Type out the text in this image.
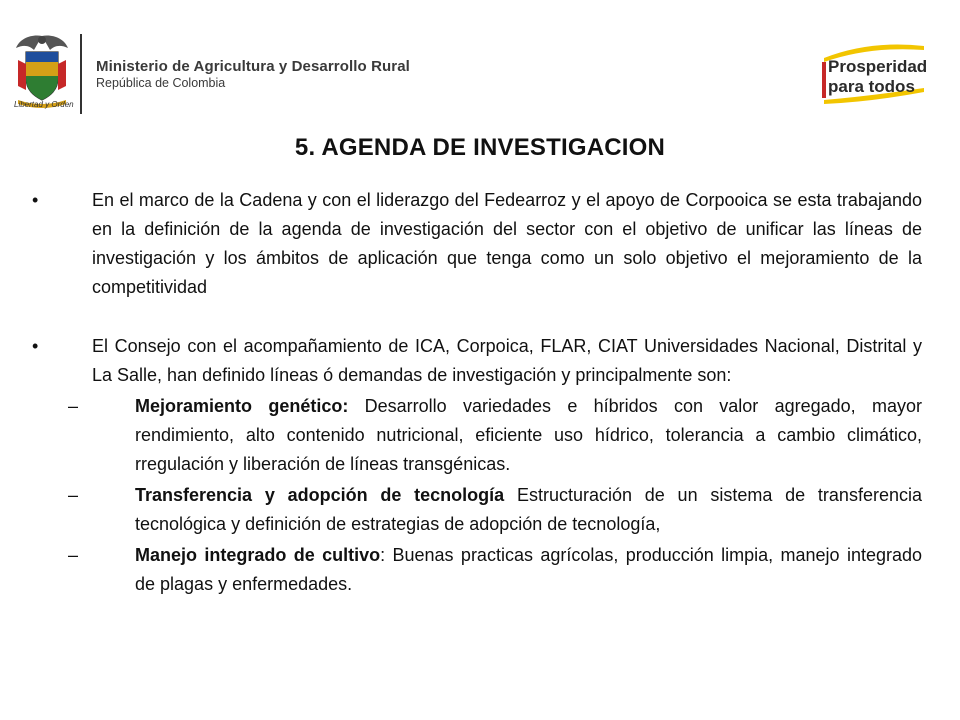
Libertad y Orden
Ministerio de Agricultura y Desarrollo Rural
República de Colombia
Prosperidad
para todos
5. AGENDA DE INVESTIGACION
•	En el marco de la Cadena y con el liderazgo del Fedearroz y el apoyo de Corpooica se esta trabajando en la definición de la agenda de investigación del sector con el objetivo de unificar las líneas de investigación y los ámbitos de aplicación que tenga como un solo objetivo el mejoramiento de la competitividad
•	El Consejo con el acompañamiento de ICA, Corpoica, FLAR, CIAT Universidades Nacional, Distrital y La Salle, han definido líneas ó demandas de investigación y principalmente son:
–	Mejoramiento genético: Desarrollo variedades e híbridos con valor agregado, mayor rendimiento, alto contenido nutricional, eficiente uso hídrico, tolerancia a cambio climático, rregulación y liberación de líneas transgénicas.
–	Transferencia y adopción de tecnología Estructuración de un sistema de transferencia tecnológica y definición de estrategias de adopción de tecnología,
–	Manejo integrado de cultivo: Buenas practicas agrícolas, producción limpia, manejo integrado de plagas y enfermedades.
